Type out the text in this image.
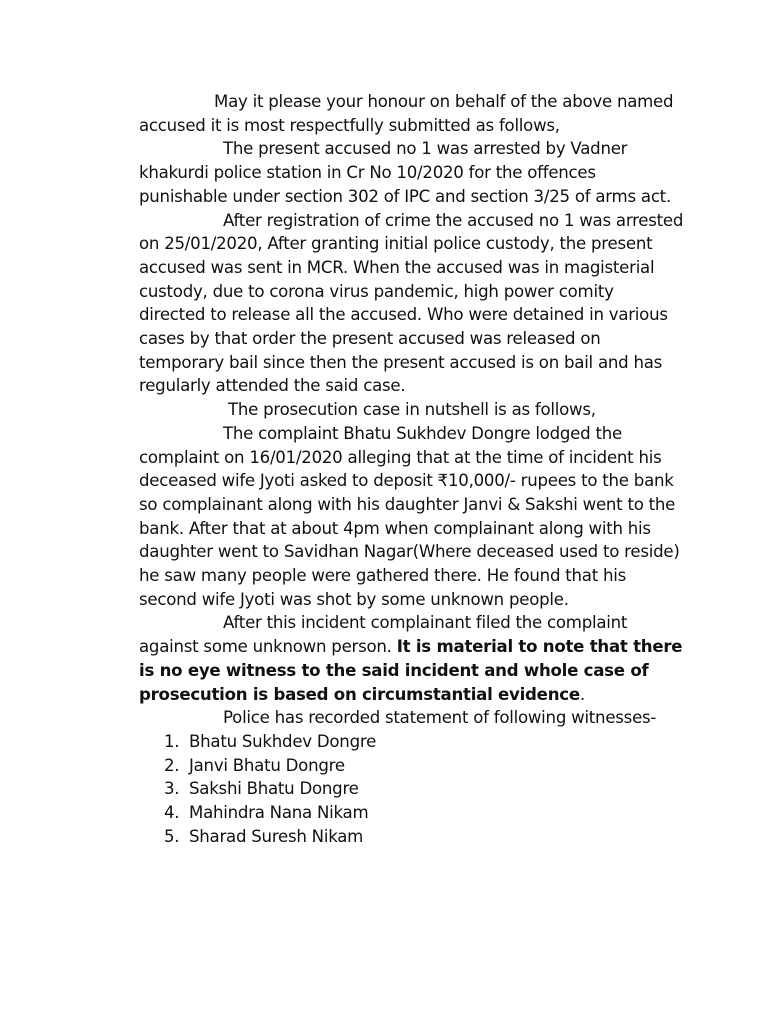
May it please your honour on behalf of the above named accused it is most respectfully submitted as follows,

The present accused no 1 was arrested by Vadner khakurdi police station in Cr No 10/2020 for the offences punishable under section 302 of IPC and section 3/25 of arms act.

After registration of crime the accused no 1 was arrested on 25/01/2020, After granting initial police custody, the present accused was sent in MCR. When the accused was in magisterial custody, due to corona virus pandemic, high power comity directed to release all the accused. Who were detained in various cases by that order the present accused was released on temporary bail since then the present accused is on bail and has regularly attended the said case.

The prosecution case in nutshell is as follows,

The complaint Bhatu Sukhdev Dongre lodged the complaint on 16/01/2020 alleging that at the time of incident his deceased wife Jyoti asked to deposit ₹10,000/- rupees to the bank so complainant along with his daughter Janvi & Sakshi went to the bank. After that at about 4pm when complainant along with his daughter went to Savidhan Nagar(Where deceased used to reside) he saw many people were gathered there. He found that his second wife Jyoti was shot by some unknown people.

After this incident complainant filed the complaint against some unknown person. It is material to note that there is no eye witness to the said incident and whole case of prosecution is based on circumstantial evidence.

Police has recorded statement of following witnesses-

1. Bhatu Sukhdev Dongre
2. Janvi Bhatu Dongre
3. Sakshi Bhatu Dongre
4. Mahindra Nana Nikam
5. Sharad Suresh Nikam
